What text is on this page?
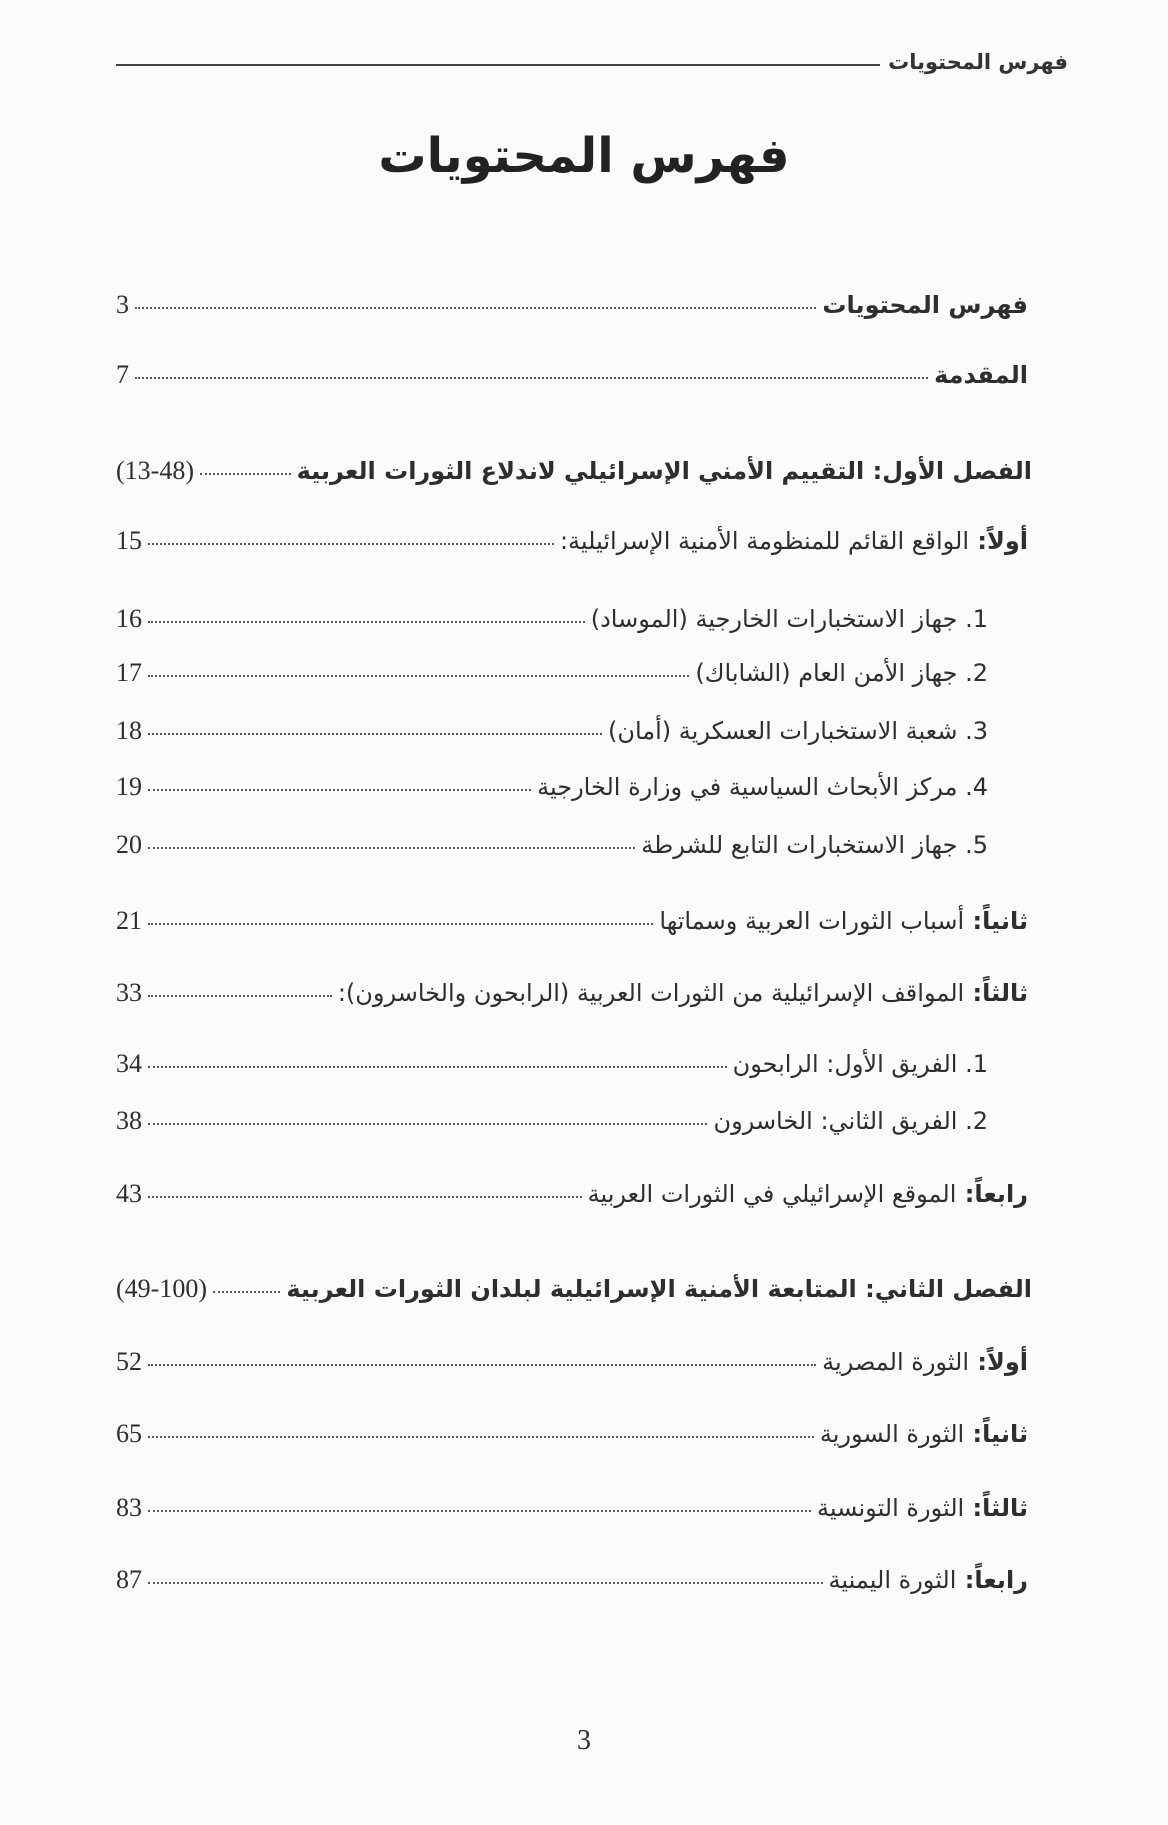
فهرس المحتويات
فهرس المحتويات
فهرس المحتويات
3
المقدمة
7
الفصل الأول: التقييم الأمني الإسرائيلي لاندلاع الثورات العربية
(13-48)
أولاً: الواقع القائم للمنظومة الأمنية الإسرائيلية:
15
1. جهاز الاستخبارات الخارجية (الموساد)
16
2. جهاز الأمن العام (الشاباك)
17
3. شعبة الاستخبارات العسكرية (أمان)
18
4. مركز الأبحاث السياسية في وزارة الخارجية
19
5. جهاز الاستخبارات التابع للشرطة
20
ثانياً: أسباب الثورات العربية وسماتها
21
ثالثاً: المواقف الإسرائيلية من الثورات العربية (الرابحون والخاسرون):
33
1. الفريق الأول: الرابحون
34
2. الفريق الثاني: الخاسرون
38
رابعاً: الموقع الإسرائيلي في الثورات العربية
43
الفصل الثاني: المتابعة الأمنية الإسرائيلية لبلدان الثورات العربية
(49-100)
أولاً: الثورة المصرية
52
ثانياً: الثورة السورية
65
ثالثاً: الثورة التونسية
83
رابعاً: الثورة اليمنية
87
3
